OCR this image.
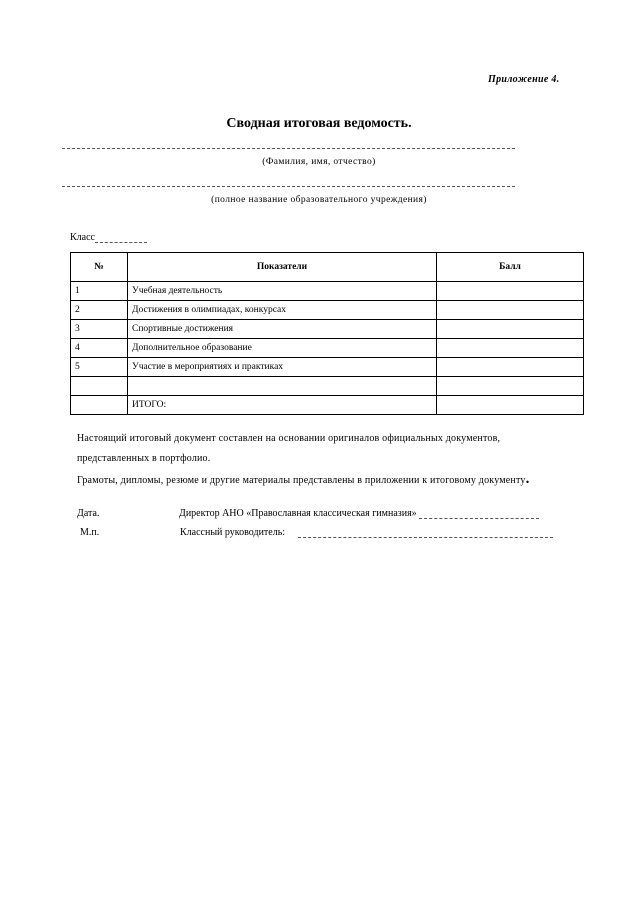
Приложение 4.
Сводная итоговая ведомость.
(Фамилия, имя, отчество)
(полное название образовательного учреждения)
Класс
№	Показатели	Балл
1	Учебная деятельность	
2	Достижения в олимпиадах, конкурсах	
3	Спортивные достижения	
4	Дополнительное образование	
5	Участие в мероприятиях и практиках	

	ИТОГО:	
Настоящий итоговый документ составлен на основании оригиналов официальных документов,
представленных в портфолио.
Грамоты, дипломы, резюме и другие материалы представлены в приложении к итоговому документу.
Дата.	Директор АНО «Православная классическая гимназия»
М.п.	Классный руководитель:
